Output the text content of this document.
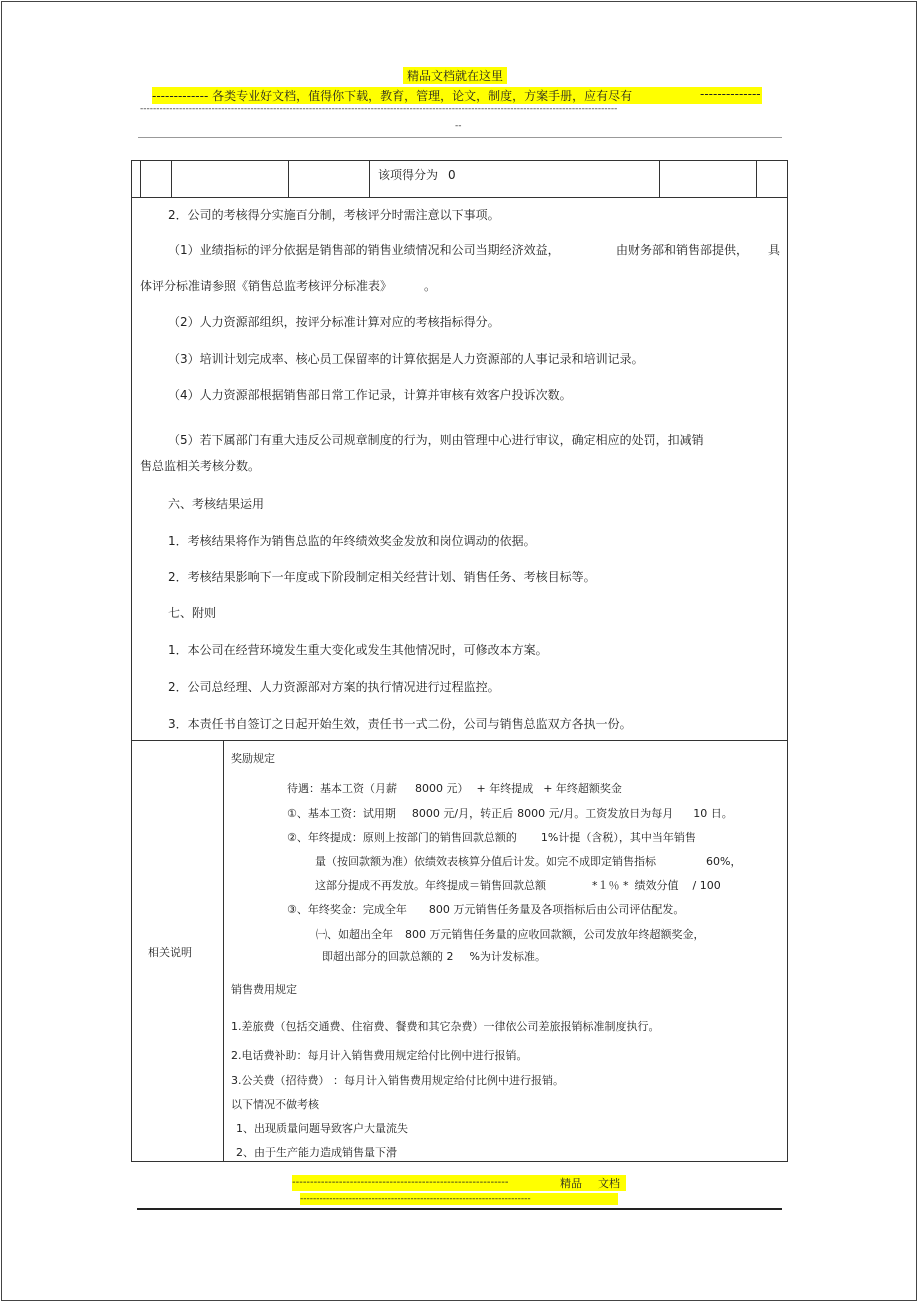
精品文档就在这里
------------- 各类专业好文档，值得你下载，教育，管理，论文，制度，方案手册，应有尽有	--------------
---------------------------------------------------------------------------------------------------------------------------------------------------
--
该项得分为 0
2．公司的考核得分实施百分制，考核评分时需注意以下事项。
（1）业绩指标的评分依据是销售部的销售业绩情况和公司当期经济效益，	由财务部和销售部提供， 具
体评分标准请参照《销售总监考核评分标准表》	。
（2）人力资源部组织，按评分标准计算对应的考核指标得分。
（3）培训计划完成率、核心员工保留率的计算依据是人力资源部的人事记录和培训记录。
（4）人力资源部根据销售部日常工作记录，计算并审核有效客户投诉次数。
（5）若下属部门有重大违反公司规章制度的行为，则由管理中心进行审议，确定相应的处罚，扣减销
售总监相关考核分数。
六、考核结果运用
1．考核结果将作为销售总监的年终绩效奖金发放和岗位调动的依据。
2．考核结果影响下一年度或下阶段制定相关经营计划、销售任务、考核目标等。
七、附则
1．本公司在经营环境发生重大变化或发生其他情况时，可修改本方案。
2．公司总经理、人力资源部对方案的执行情况进行过程监控。
3．本责任书自签订之日起开始生效，责任书一式二份，公司与销售总监双方各执一份。
相关说明
奖励规定
待遇：基本工资（月薪 8000 元） + 年终提成 + 年终超额奖金
①、基本工资：试用期 8000 元/月，转正后 8000 元/月。工资发放日为每月 10 日。
②、年终提成：原则上按部门的销售回款总额的 1%计提（含税），其中当年销售
量（按回款额为准）依绩效表核算分值后计发。如完不成即定销售指标	60%，
这部分提成不再发放。年终提成＝销售回款总额	*１％ * 绩效分值 / 100
③、年终奖金：完成全年 800 万元销售任务量及各项指标后由公司评估配发。
㈠、如超出全年 800 万元销售任务量的应收回款额，公司发放年终超额奖金，
即超出部分的回款总额的 2 %为计发标准。
销售费用规定
1.差旅费（包括交通费、住宿费、餐费和其它杂费）一律依公司差旅报销标准制度执行。
2.电话费补助：每月计入销售费用规定给付比例中进行报销。
3.公关费（招待费） ：每月计入销售费用规定给付比例中进行报销。
以下情况不做考核
1、出现质量问题导致客户大量流失
2、由于生产能力造成销售量下滑
------------------------------------------------------------	精品 文档
-----------------------------------------------------------------------
